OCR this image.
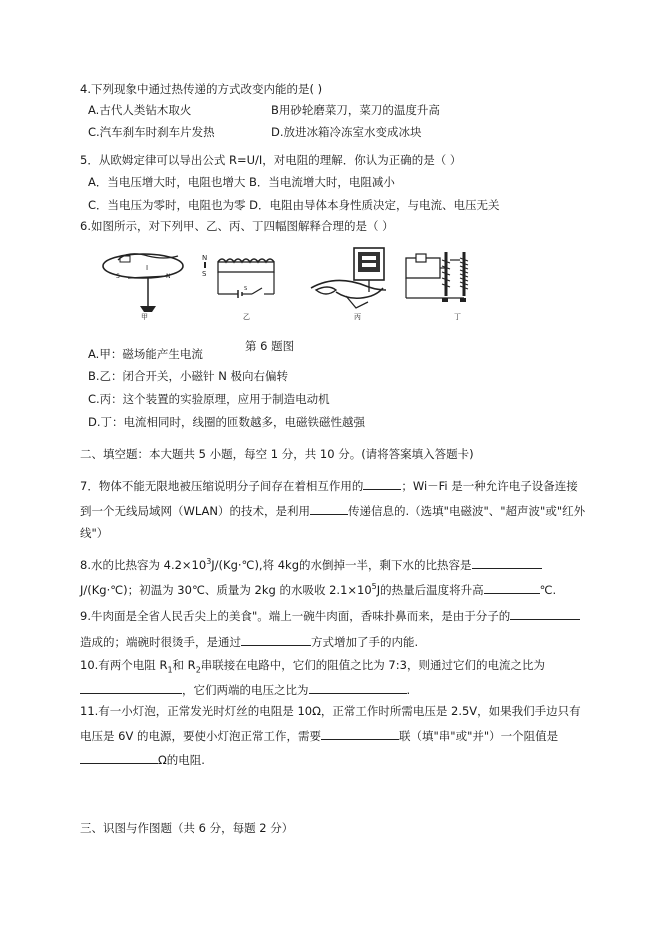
4.下列现象中通过热传递的方式改变内能的是( )
A.古代人类钻木取火	B用砂轮磨菜刀，菜刀的温度升高
C.汽车刹车时刹车片发热	D.放进冰箱冷冻室水变成冰块
5．从欧姆定律可以导出公式 R=U/I，对电阻的理解．你认为正确的是（ ）
A．当电压增大时，电阻也增大 B．当电流增大时，电阻减小
C．当电压为零时，电阻也为零 D．电阻由导体本身性质决定，与电流、电压无关
6.如图所示，对下列甲、乙、丙、丁四幅图解释合理的是（ ）
I
S	N
甲
N
S
S
乙	丙	丁
第 6 题图
A.甲：磁场能产生电流
B.乙：闭合开关，小磁针 N 极向右偏转
C.丙：这个装置的实验原理，应用于制造电动机
D.丁：电流相同时，线圈的匝数越多，电磁铁磁性越强
二、填空题：本大题共 5 小题，每空 1 分，共 10 分。(请将答案填入答题卡)
7．物体不能无限地被压缩说明分子间存在着相互作用的	；Wi－Fi 是一种允许电子设备连接
到一个无线局域网（WLAN）的技术，是利用	传递信息的.（选填"电磁波"、"超声波"或"红外
线"）
8.水的比热容为 $4.2\times 10^3J/(Kg\cdot℃)$,将 4kg的水倒掉一半，剩下水的比热容是
J/(Kg·℃)；初温为 30℃、质量为 2kg 的水吸收 $2.1\times 10^5J$的热量后温度将升高	℃.
9.牛肉面是全省人民舌尖上的美食"。端上一碗牛肉面，香味扑鼻而来，是由于分子的
造成的；端碗时很烫手，是通过	方式增加了手的内能.
10.有两个电阻 $R_1$和 $R_2$串联接在电路中，它们的阻值之比为 7:3，则通过它们的电流之比为
，它们两端的电压之比为	.
11.有一小灯泡，正常发光时灯丝的电阻是 10Ω，正常工作时所需电压是 2.5V，如果我们手边只有
电压是 6V 的电源，要使小灯泡正常工作，需要	联（填"串"或"并"）一个阻值是
Ω的电阻.
三、识图与作图题（共 6 分，每题 2 分）
